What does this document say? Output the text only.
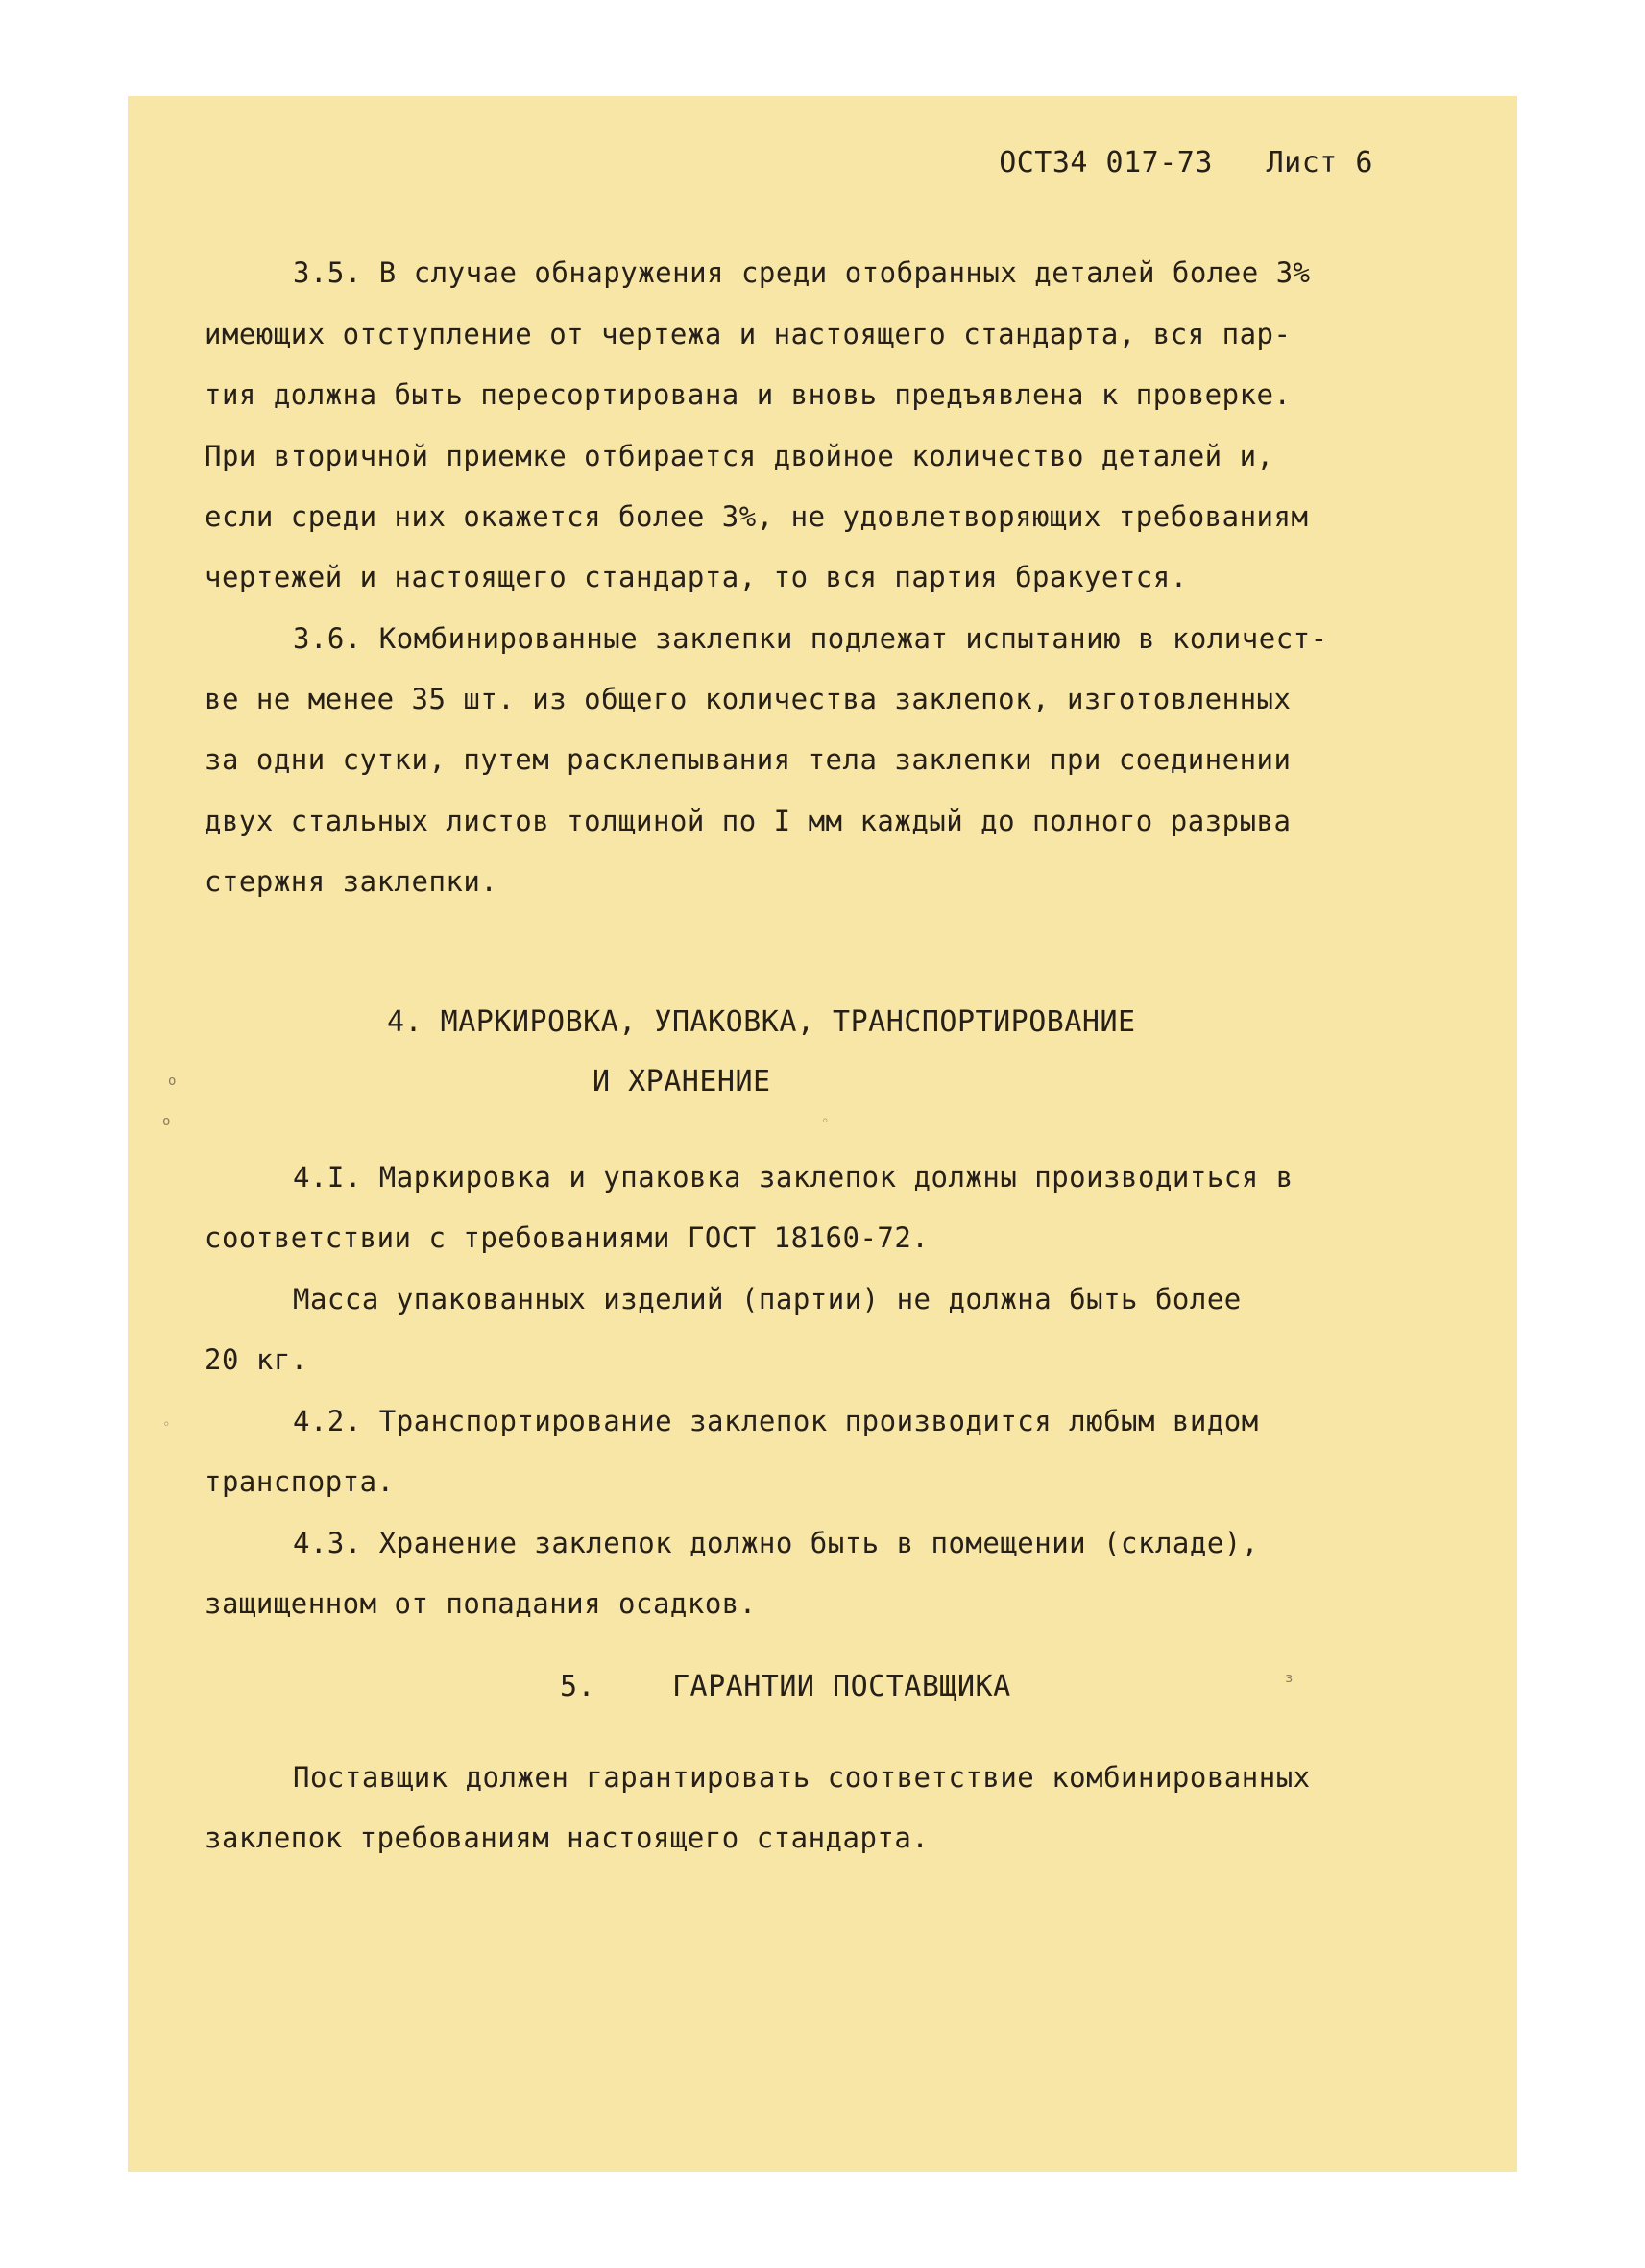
ОСТ34 017-73 Лист 6
3.5. В случае обнаружения среди отобранных деталей более 3%
имеющих отступление от чертежа и настоящего стандарта, вся пар-
тия должна быть пересортирована и вновь предъявлена к проверке.
При вторичной приемке отбирается двойное количество деталей и,
если среди них окажется более 3%, не удовлетворяющих требованиям
чертежей и настоящего стандарта, то вся партия бракуется.
3.6. Комбинированные заклепки подлежат испытанию в количест-
ве не менее 35 шт. из общего количества заклепок, изготовленных
за одни сутки, путем расклепывания тела заклепки при соединении
двух стальных листов толщиной по I мм каждый до полного разрыва
стержня заклепки.
4. МАРКИРОВКА, УПАКОВКА, ТРАНСПОРТИРОВАНИЕ
И ХРАНЕНИЕ
4.I. Маркировка и упаковка заклепок должны производиться в
соответствии с требованиями ГОСТ 18160-72.
Масса упакованных изделий (партии) не должна быть более
20 кг.
4.2. Транспортирование заклепок производится любым видом
транспорта.
4.3. Хранение заклепок должно быть в помещении (складе),
защищенном от попадания осадков.
5.	ГАРАНТИИ ПОСТАВЩИКА
Поставщик должен гарантировать соответствие комбинированных
заклепок требованиям настоящего стандарта.
o
o	◦
з
◦
